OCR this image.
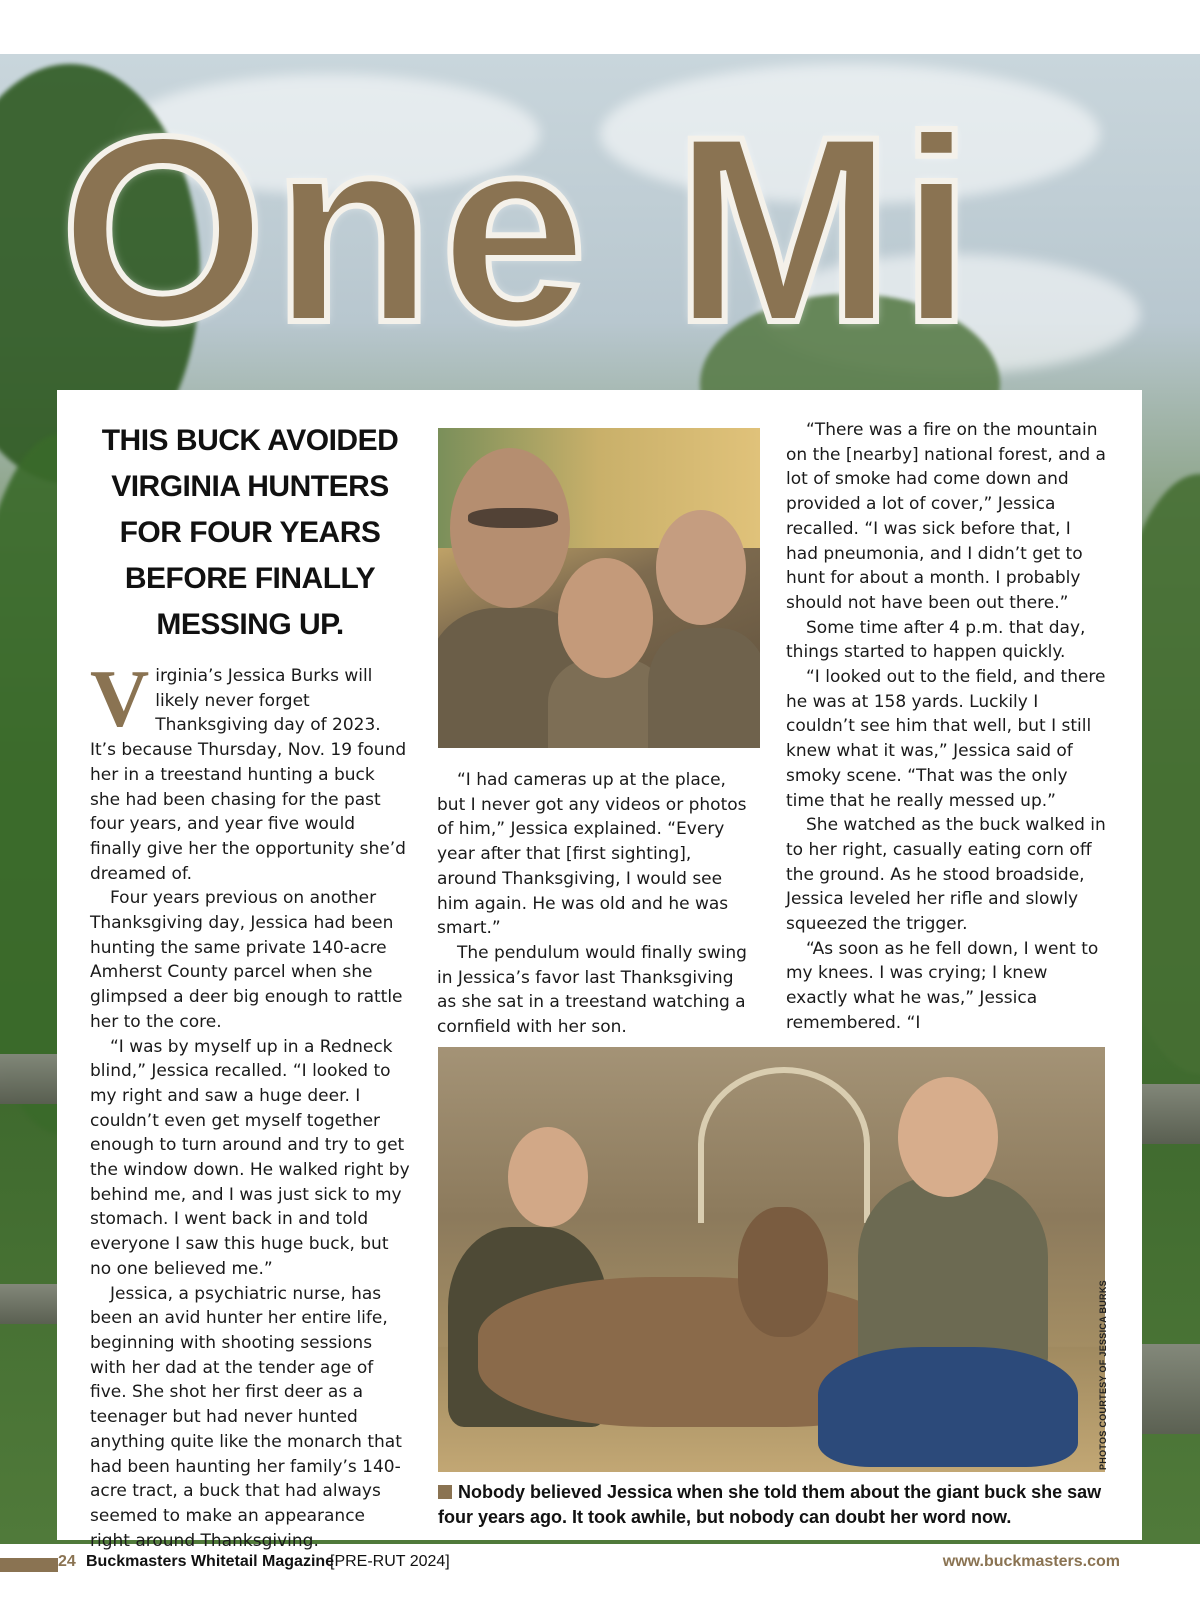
One Mi
THIS BUCK AVOIDED VIRGINIA HUNTERS FOR FOUR YEARS BEFORE FINALLY MESSING UP.
V irginia’s Jessica Burks will likely never forget Thanksgiving day of 2023. It’s because Thursday, Nov. 19 found her in a treestand hunting a buck she had been chasing for the past four years, and year five would finally give her the opportunity she’d dreamed of.

Four years previous on another Thanksgiving day, Jessica had been hunting the same private 140-acre Amherst County parcel when she glimpsed a deer big enough to rattle her to the core.

“I was by myself up in a Redneck blind,” Jessica recalled. “I looked to my right and saw a huge deer. I couldn’t even get myself together enough to turn around and try to get the window down. He walked right by behind me, and I was just sick to my stomach. I went back in and told everyone I saw this huge buck, but no one believed me.”

Jessica, a psychiatric nurse, has been an avid hunter her entire life, beginning with shooting sessions with her dad at the tender age of five. She shot her first deer as a teenager but had never hunted anything quite like the monarch that had been haunting her family’s 140-acre tract, a buck that had always seemed to make an appearance right around Thanksgiving.

“I had cameras up at the place, but I never got any videos or photos of him,” Jessica explained. “Every year after that [first sighting], around Thanksgiving, I would see him again. He was old and he was smart.”

The pendulum would finally swing in Jessica’s favor last Thanksgiving as she sat in a treestand watching a cornfield with her son.

“There was a fire on the mountain on the [nearby] national forest, and a lot of smoke had come down and provided a lot of cover,” Jessica recalled. “I was sick before that, I had pneumonia, and I didn’t get to hunt for about a month. I probably should not have been out there.”

Some time after 4 p.m. that day, things started to happen quickly.

“I looked out to the field, and there he was at 158 yards. Luckily I couldn’t see him that well, but I still knew what it was,” Jessica said of smoky scene. “That was the only time that he really messed up.”

She watched as the buck walked in to her right, casually eating corn off the ground. As he stood broadside, Jessica leveled her rifle and slowly squeezed the trigger.

“As soon as he fell down, I went to my knees. I was crying; I knew exactly what he was,” Jessica remembered. “I

PHOTOS COURTESY OF JESSICA BURKS
Nobody believed Jessica when she told them about the giant buck she saw four years ago. It took awhile, but nobody can doubt her word now.
24 Buckmasters Whitetail Magazine
[PRE-RUT 2024]	www.buckmasters.com
